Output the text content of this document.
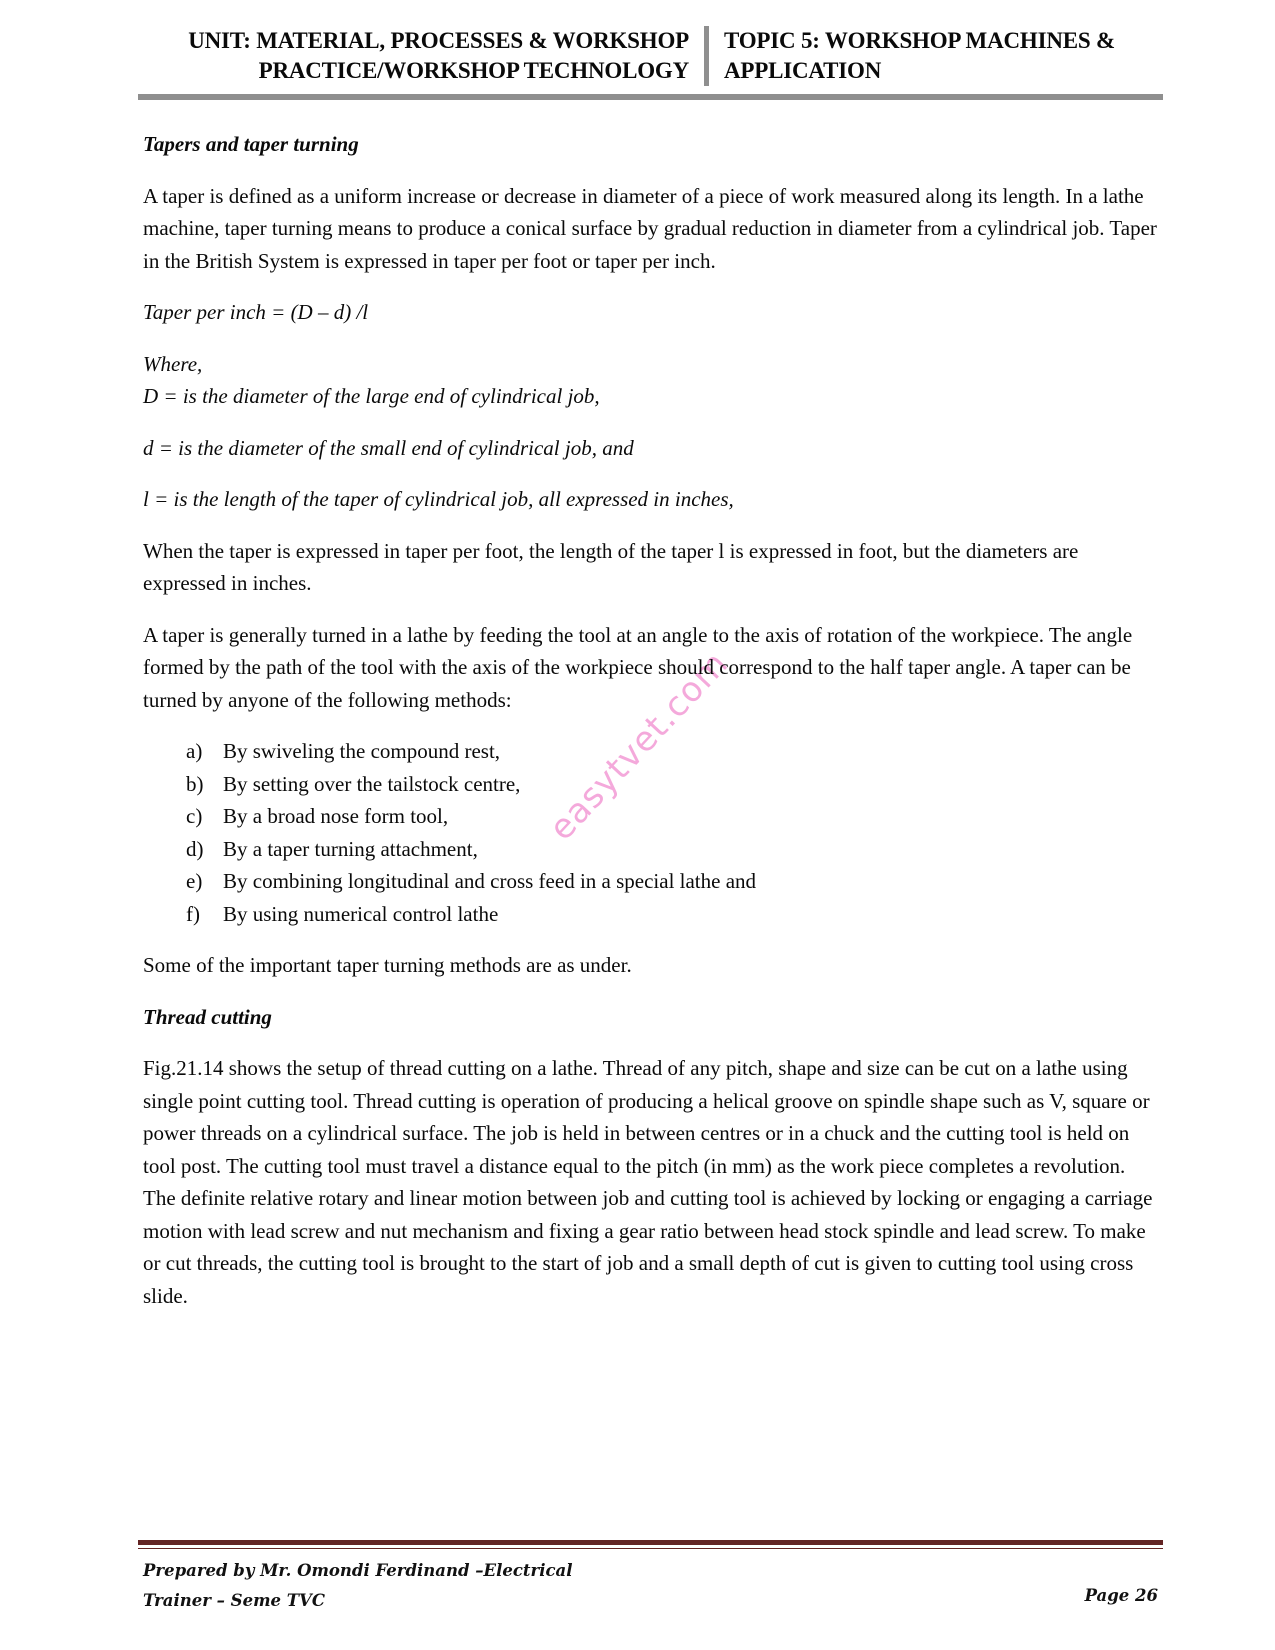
UNIT: MATERIAL, PROCESSES & WORKSHOP
PRACTICE/WORKSHOP TECHNOLOGY
TOPIC 5: WORKSHOP MACHINES &
APPLICATION
easytvet.com

Tapers and taper turning

A taper is defined as a uniform increase or decrease in diameter of a piece of work measured along its length. In a lathe machine, taper turning means to produce a conical surface by gradual reduction in diameter from a cylindrical job. Taper in the British System is expressed in taper per foot or taper per inch.

Taper per inch = (D – d) /l

Where,
D = is the diameter of the large end of cylindrical job,

d = is the diameter of the small end of cylindrical job, and

l = is the length of the taper of cylindrical job, all expressed in inches,

When the taper is expressed in taper per foot, the length of the taper l is expressed in foot, but the diameters are expressed in inches.

A taper is generally turned in a lathe by feeding the tool at an angle to the axis of rotation of the workpiece. The angle formed by the path of the tool with the axis of the workpiece should correspond to the half taper angle. A taper can be turned by anyone of the following methods:

a) By swiveling the compound rest,
b) By setting over the tailstock centre,
c) By a broad nose form tool,
d) By a taper turning attachment,
e) By combining longitudinal and cross feed in a special lathe and
f)	By using numerical control lathe

Some of the important taper turning methods are as under.

Thread cutting

Fig.21.14 shows the setup of thread cutting on a lathe. Thread of any pitch, shape and size can be cut on a lathe using single point cutting tool. Thread cutting is operation of producing a helical groove on spindle shape such as V, square or power threads on a cylindrical surface. The job is held in between centres or in a chuck and the cutting tool is held on tool post. The cutting tool must travel a distance equal to the pitch (in mm) as the work piece completes a revolution. The definite relative rotary and linear motion between job and cutting tool is achieved by locking or engaging a carriage motion with lead screw and nut mechanism and fixing a gear ratio between head stock spindle and lead screw. To make or cut threads, the cutting tool is brought to the start of job and a small depth of cut is given to cutting tool using cross slide.

Prepared by Mr. Omondi Ferdinand –Electrical
Trainer – Seme TVC	Page 26
